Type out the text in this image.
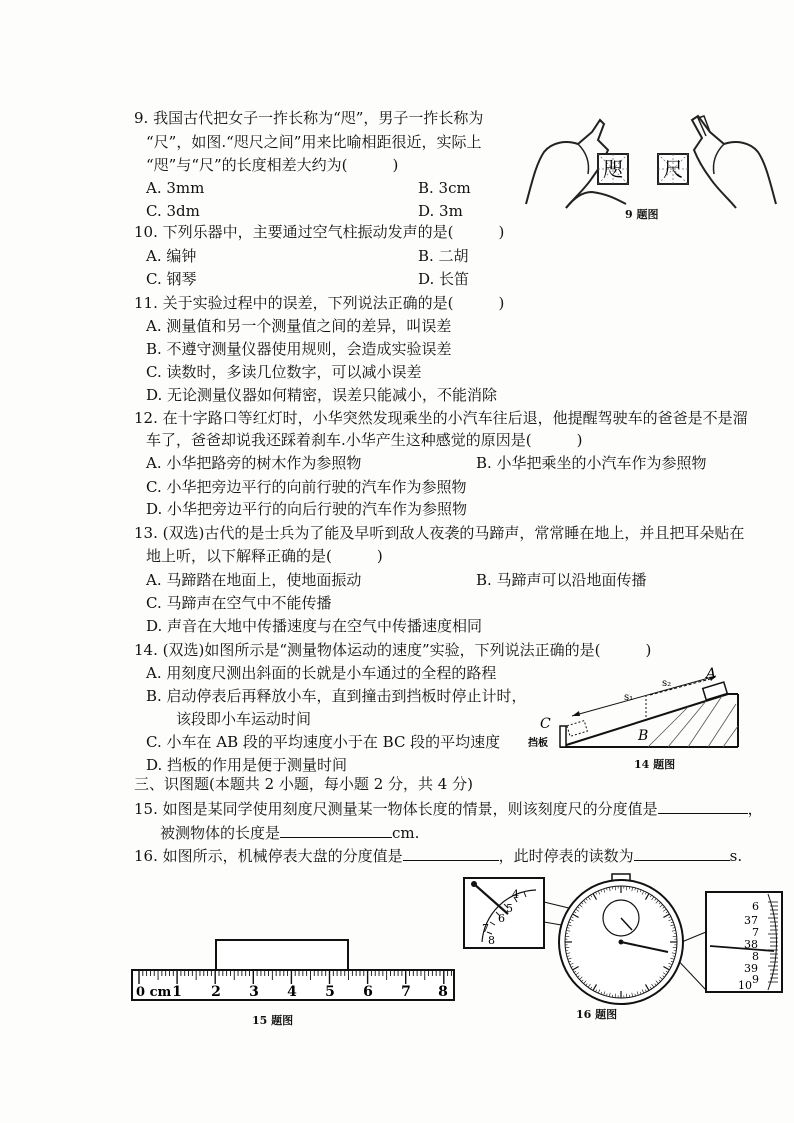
9. 我国古代把女子一拃长称为“咫”，男子一拃长称为
“尺”，如图.“咫尺之间”用来比喻相距很近，实际上
“咫”与“尺”的长度相差大约为(　　　)
A. 3mm	B. 3cm
C. 3dm	D. 3m
咫 尺
9 题图
10. 下列乐器中，主要通过空气柱振动发声的是(　　　)
A. 编钟	B. 二胡
C. 钢琴	D. 长笛
11. 关于实验过程中的误差，下列说法正确的是(　　　)
A. 测量值和另一个测量值之间的差异，叫误差
B. 不遵守测量仪器使用规则，会造成实验误差
C. 读数时，多读几位数字，可以减小误差
D. 无论测量仪器如何精密，误差只能减小，不能消除
12. 在十字路口等红灯时，小华突然发现乘坐的小汽车往后退，他提醒驾驶车的爸爸是不是溜
车了，爸爸却说我还踩着刹车.小华产生这种感觉的原因是(　　　)
A. 小华把路旁的树木作为参照物	B. 小华把乘坐的小汽车作为参照物
C. 小华把旁边平行的向前行驶的汽车作为参照物
D. 小华把旁边平行的向后行驶的汽车作为参照物
13. (双选)古代的是士兵为了能及早听到敌人夜袭的马蹄声，常常睡在地上，并且把耳朵贴在
地上听，以下解释正确的是(　　　)
A. 马蹄踏在地面上，使地面振动	B. 马蹄声可以沿地面传播
C. 马蹄声在空气中不能传播
D. 声音在大地中传播速度与在空气中传播速度相同
14. (双选)如图所示是“测量物体运动的速度”实验，下列说法正确的是(　　　)
A. 用刻度尺测出斜面的长就是小车通过的全程的路程
B. 启动停表后再释放小车，直到撞击到挡板时停止计时，
该段即小车运动时间
C. 小车在 AB 段的平均速度小于在 BC 段的平均速度
D. 挡板的作用是便于测量时间
s₁
s₂
A
B
C
挡板
14 题图
三、识图题(本题共 2 小题，每小题 2 分，共 4 分)
15. 如图是某同学使用刻度尺测量某一物体长度的情景，则该刻度尺的分度值是	，
被测物体的长度是	cm.
0 cm 1 2 3 4 5 6 7 8
15 题图
16. 如图所示，机械停表大盘的分度值是	，此时停表的读数为	s.
4
5
6
7
8
6
37
7
38
8
39
9
10
16 题图
